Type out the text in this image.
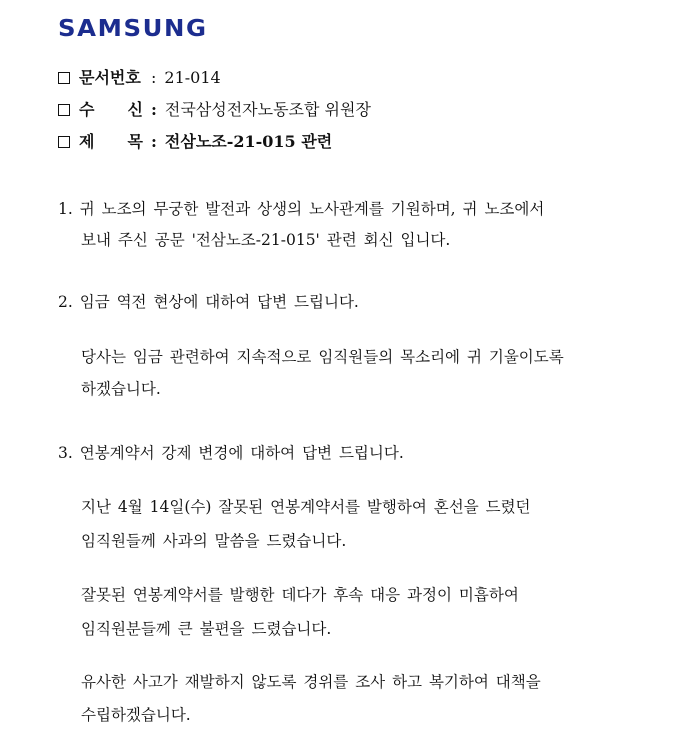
SAMSUNG
문서번호 : 21-014
수 신 : 전국삼성전자노동조합 위원장
제 목 : 전삼노조-21-015 관련
1. 귀 노조의 무궁한 발전과 상생의 노사관계를 기원하며, 귀 노조에서
보내 주신 공문 '전삼노조-21-015' 관련 회신 입니다.
2. 임금 역전 현상에 대하여 답변 드립니다.
당사는 임금 관련하여 지속적으로 임직원들의 목소리에 귀 기울이도록
하겠습니다.
3. 연봉계약서 강제 변경에 대하여 답변 드립니다.
지난 4월 14일(수) 잘못된 연봉계약서를 발행하여 혼선을 드렸던
임직원들께 사과의 말씀을 드렸습니다.
잘못된 연봉계약서를 발행한 데다가 후속 대응 과정이 미흡하여
임직원분들께 큰 불편을 드렸습니다.
유사한 사고가 재발하지 않도록 경위를 조사 하고 복기하여 대책을
수립하겠습니다.
